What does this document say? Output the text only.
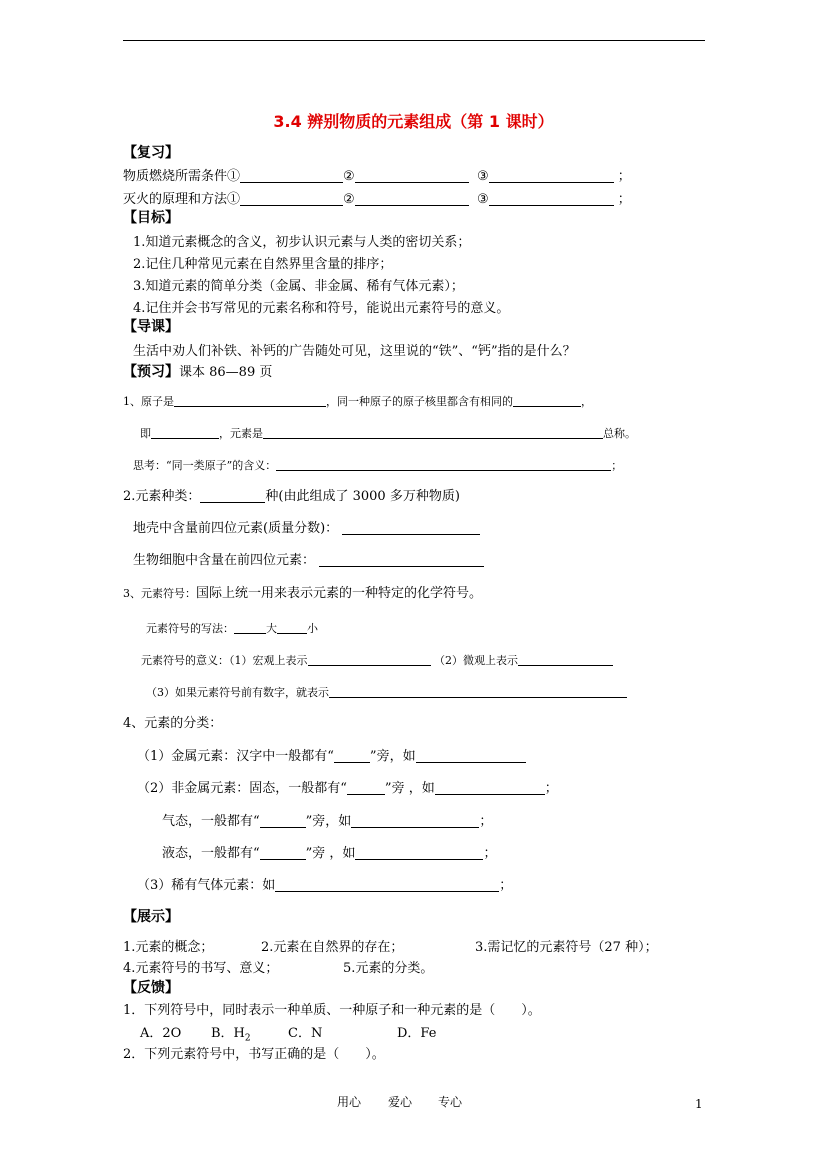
3.4 辨别物质的元素组成（第 1 课时）
【复习】
物质燃烧所需条件①	②	③	；
灭火的原理和方法①	②	③	；
【目标】
1.知道元素概念的含义，初步认识元素与人类的密切关系；
2.记住几种常见元素在自然界里含量的排序；
3.知道元素的简单分类（金属、非金属、稀有气体元素）；
4.记住并会书写常见的元素名称和符号，能说出元素符号的意义。
【导课】
生活中劝人们补铁、补钙的广告随处可见，这里说的“铁”、“钙”指的是什么？
【预习】课本 86—89 页
1、原子是	，同一种原子的原子核里都含有相同的	，
即	，元素是	总称。
思考：“同一类原子”的含义：	；
2.元素种类：	种(由此组成了 3000 多万种物质)
地壳中含量前四位元素(质量分数)：
生物细胞中含量在前四位元素：
3、元素符号：国际上统一用来表示元素的一种特定的化学符号。
元素符号的写法：	大	小
元素符号的意义：（1）宏观上表示	（2）微观上表示
（3）如果元素符号前有数字，就表示
4、元素的分类：
（1）金属元素：汉字中一般都有“	”旁，如
（2）非金属元素：固态，一般都有“	”旁 ，如	；
气态，一般都有“	”旁，如	；
液态，一般都有“	”旁 ，如	；
（3）稀有气体元素：如	；
【展示】
1.元素的概念；	2.元素在自然界的存在；	3.需记忆的元素符号（27 种）；
4.元素符号的书写、意义；	5.元素的分类。
【反馈】
1．下列符号中，同时表示一种单质、一种原子和一种元素的是（　　）。
A．2O B．$H_2$	C．N	D．Fe
2．下列元素符号中，书写正确的是（　　）。
用心 爱心 专心	1
